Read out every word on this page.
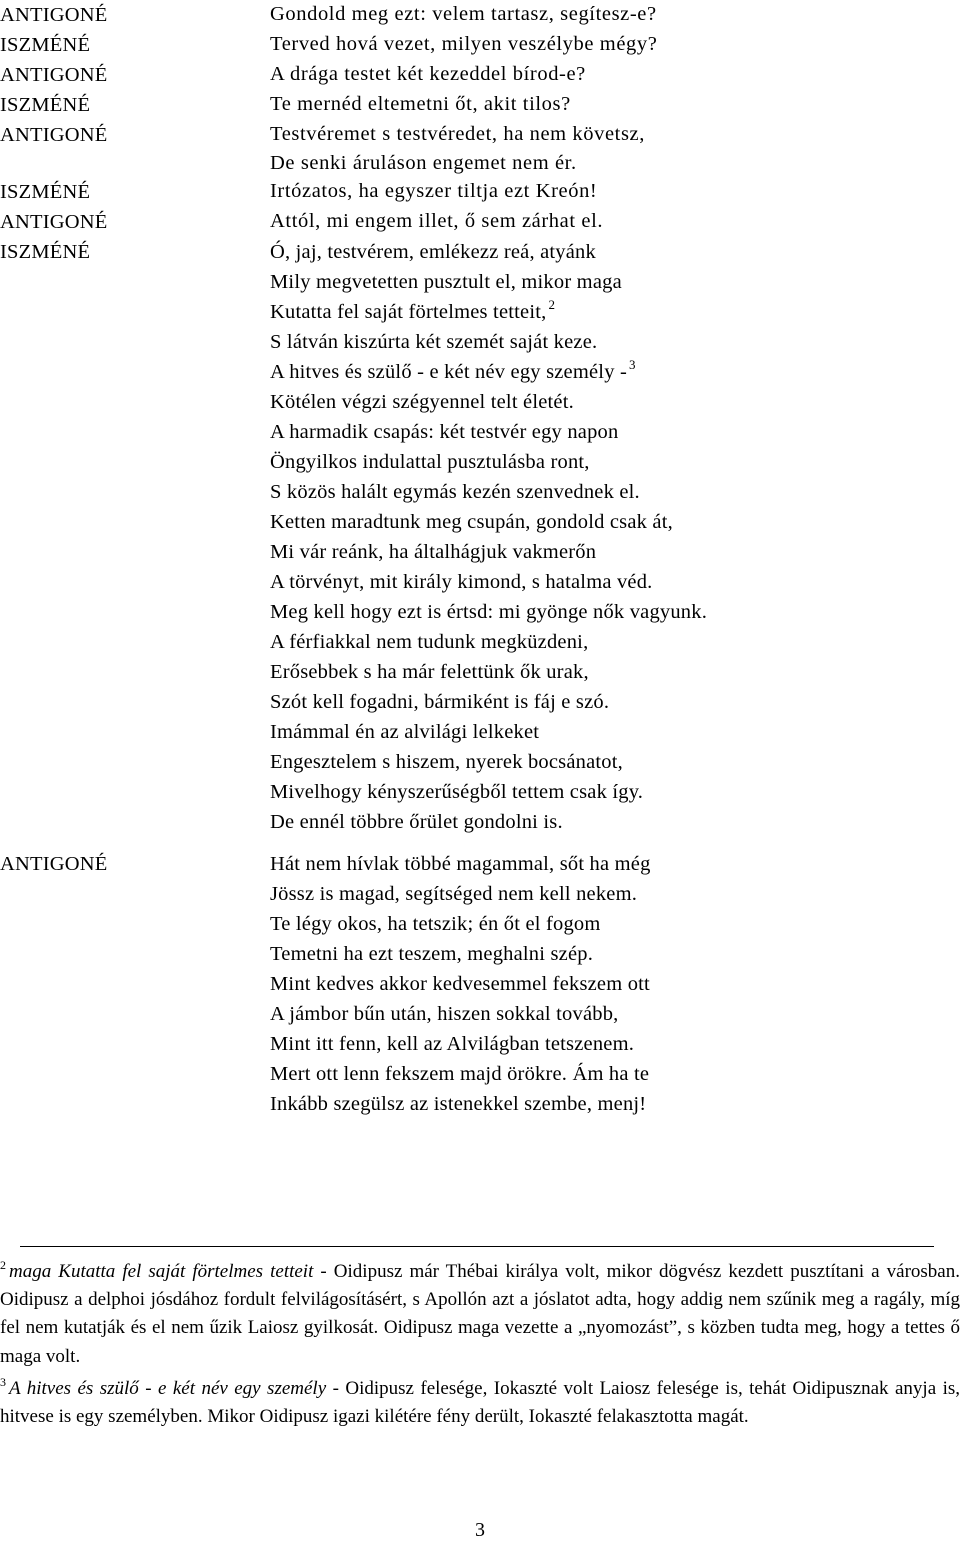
ANTIGONÉ	Gondold meg ezt: velem tartasz, segítesz-e?
ISZMÉNÉ	Terved hová vezet, milyen veszélybe mégy?
ANTIGONÉ	A drága testet két kezeddel bírod-e?
ISZMÉNÉ	Te mernéd eltemetni őt, akit tilos?
ANTIGONÉ	Testvéremet s testvéredet, ha nem követsz,
De senki áruláson engemet nem ér.
ISZMÉNÉ	Irtózatos, ha egyszer tiltja ezt Kreón!
ANTIGONÉ	Attól, mi engem illet, ő sem zárhat el.
ISZMÉNÉ	Ó, jaj, testvérem, emlékezz reá, atyánk
Mily megvetetten pusztult el, mikor maga
Kutatta fel saját förtelmes tetteit, $^2$
S látván kiszúrta két szemét saját keze.
A hitves és szülő - e két név egy személy - $^3$
Kötélen végzi szégyennel telt életét.
A harmadik csapás: két testvér egy napon
Öngyilkos indulattal pusztulásba ront,
S közös halált egymás kezén szenvednek el.
Ketten maradtunk meg csupán, gondold csak át,
Mi vár reánk, ha általhágjuk vakmerőn
A törvényt, mit király kimond, s hatalma véd.
Meg kell hogy ezt is értsd: mi gyönge nők vagyunk.
A férfiakkal nem tudunk megküzdeni,
Erősebbek s ha már felettünk ők urak,
Szót kell fogadni, bármiként is fáj e szó.
Imámmal én az alvilági lelkeket
Engesztelem s hiszem, nyerek bocsánatot,
Mivelhogy kényszerűségből tettem csak így.
De ennél többre őrület gondolni is.
ANTIGONÉ	Hát nem hívlak többé magammal, sőt ha még
Jössz is magad, segítséged nem kell nekem.
Te légy okos, ha tetszik; én őt el fogom
Temetni ha ezt teszem, meghalni szép.
Mint kedves akkor kedvesemmel fekszem ott
A jámbor bűn után, hiszen sokkal tovább,
Mint itt fenn, kell az Alvilágban tetszenem.
Mert ott lenn fekszem majd örökre. Ám ha te
Inkább szegülsz az istenekkel szembe, menj!
$^2$ maga Kutatta fel saját förtelmes tetteit - Oidipusz már Thébai királya volt, mikor dögvész kezdett pusztítani a városban. Oidipusz a delphoi jósdához fordult felvilágosításért, s Apollón azt a jóslatot adta, hogy addig nem szűnik meg a ragály, míg fel nem kutatják és el nem űzik Laiosz gyilkosát. Oidipusz maga vezette a „nyomozást”, s közben tudta meg, hogy a tettes ő maga volt.
$^3$ A hitves és szülő - e két név egy személy - Oidipusz felesége, Iokaszté volt Laiosz felesége is, tehát Oidipusznak anyja is, hitvese is egy személyben. Mikor Oidipusz igazi kilétére fény derült, Iokaszté felakasztotta magát.
3
